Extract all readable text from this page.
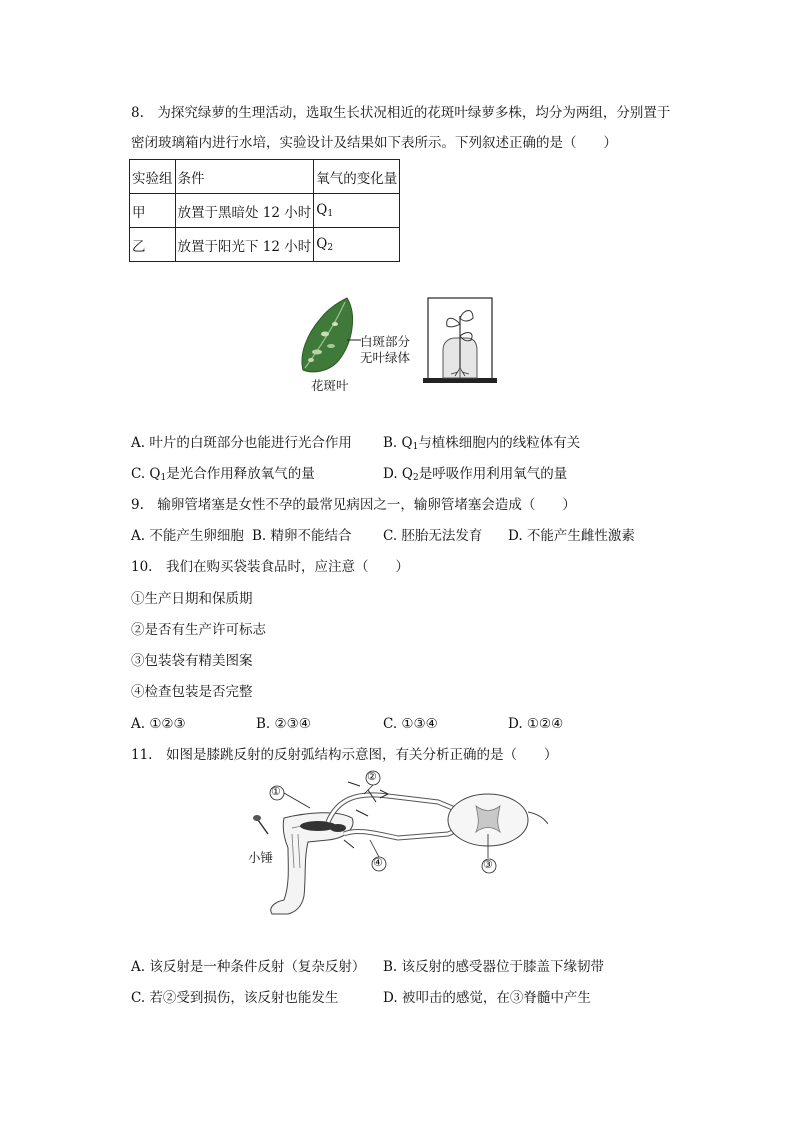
8.　为探究绿萝的生理活动，选取生长状况相近的花斑叶绿萝多株，均分为两组，分别置于
密闭玻璃箱内进行水培，实验设计及结果如下表所示。下列叙述正确的是（　　）
实验组	条件	氧气的变化量
甲	放置于黑暗处 12 小时	$Q_1$
乙	放置于阳光下 12 小时	$Q_2$
白斑部分
无叶绿体
花斑叶
A. 叶片的白斑部分也能进行光合作用 B. $Q_1$与植株细胞内的线粒体有关
C. $Q_1$是光合作用释放氧气的量	D. $Q_2$是呼吸作用利用氧气的量
9.　输卵管堵塞是女性不孕的最常见病因之一，输卵管堵塞会造成（　　）
A. 不能产生卵细胞 B. 精卵不能结合 C. 胚胎无法发育 D. 不能产生雌性激素
10.　我们在购买袋装食品时，应注意（　　）
①生产日期和保质期
②是否有生产许可标志
③包装袋有精美图案
④检查包装是否完整
A. ①②③	B. ②③④	C. ①③④	D. ①②④
11.　如图是膝跳反射的反射弧结构示意图，有关分析正确的是（　　）
①
②
③
④
小锤
A. 该反射是一种条件反射（复杂反射） B. 该反射的感受器位于膝盖下缘韧带
C. 若②受到损伤，该反射也能发生	D. 被叩击的感觉，在③脊髓中产生
